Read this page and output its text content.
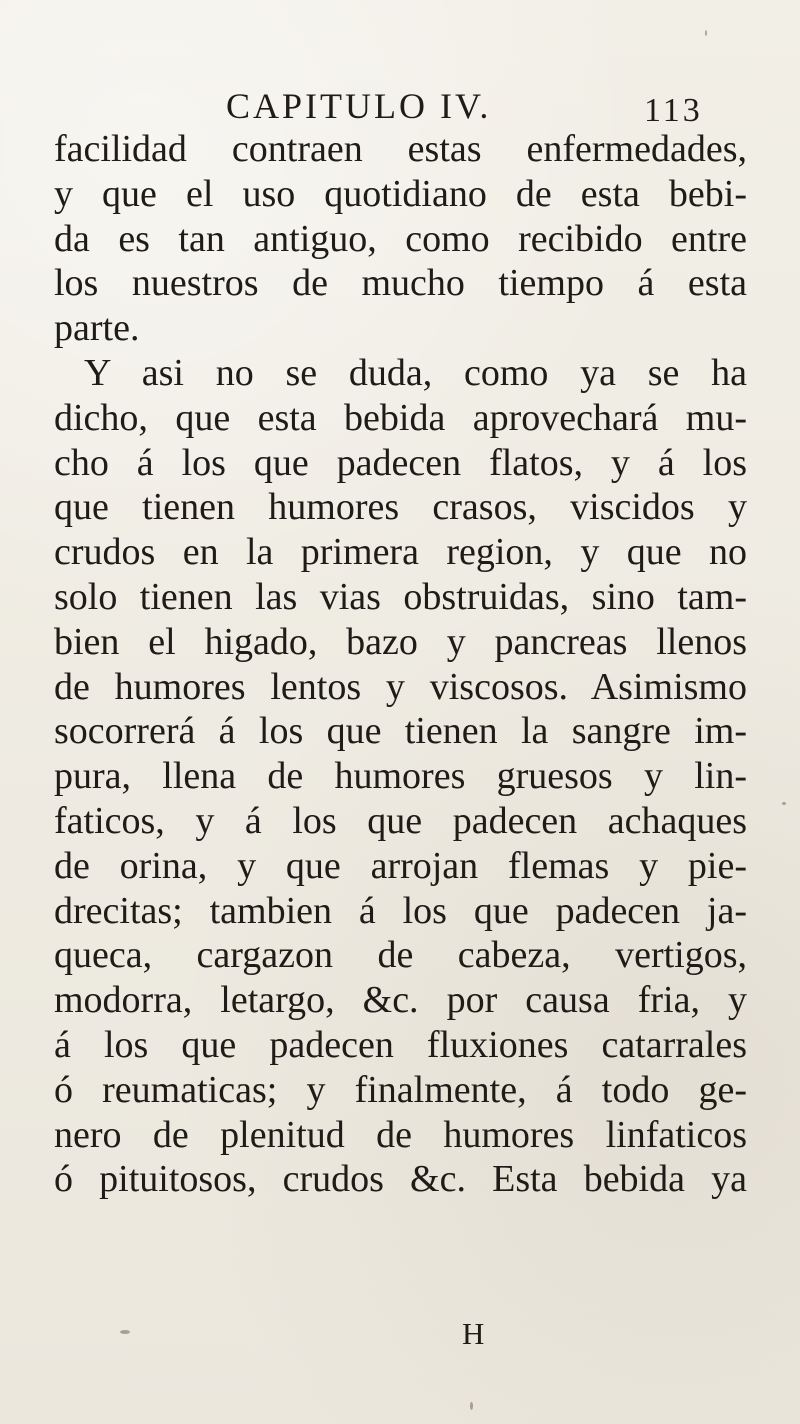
CAPITULO IV.	113
facilidad contraen estas enfermedades,
y que el uso quotidiano de esta bebi-
da es tan antiguo, como recibido entre
los nuestros de mucho tiempo á esta
parte.
Y asi no se duda, como ya se ha
dicho, que esta bebida aprovechará mu-
cho á los que padecen flatos, y á los
que tienen humores crasos, viscidos y
crudos en la primera region, y que no
solo tienen las vias obstruidas, sino tam-
bien el higado, bazo y pancreas llenos
de humores lentos y viscosos. Asimismo
socorrerá á los que tienen la sangre im-
pura, llena de humores gruesos y lin-
faticos, y á los que padecen achaques
de orina, y que arrojan flemas y pie-
drecitas; tambien á los que padecen ja-
queca, cargazon de cabeza, vertigos,
modorra, letargo, &c. por causa fria, y
á los que padecen fluxiones catarrales
ó reumaticas; y finalmente, á todo ge-
nero de plenitud de humores linfaticos
ó pituitosos, crudos &c. Esta bebida ya
H
